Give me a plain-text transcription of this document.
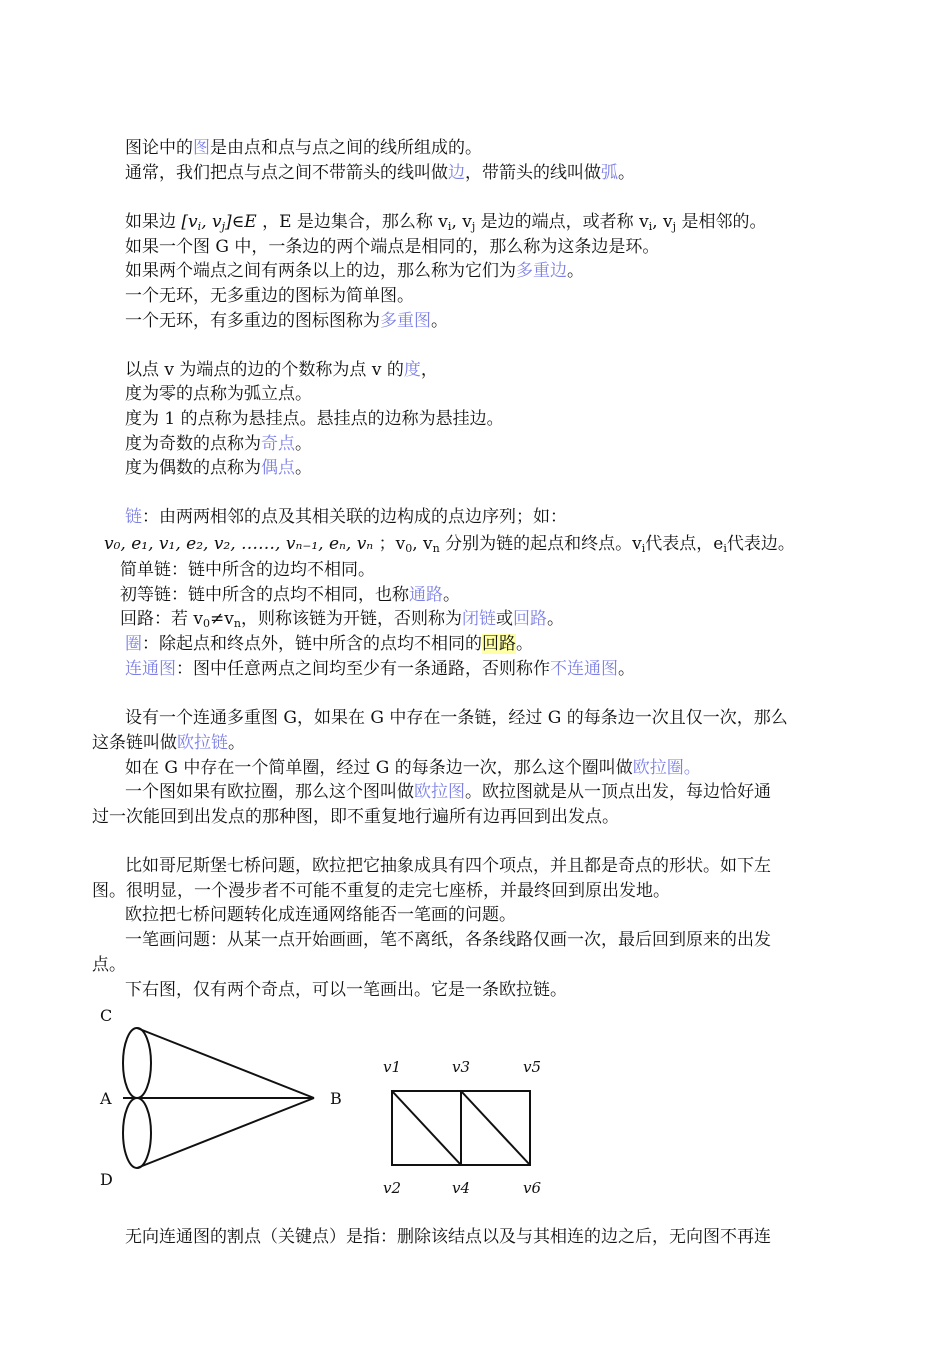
图论中的图是由点和点与点之间的线所组成的。
通常，我们把点与点之间不带箭头的线叫做边，带箭头的线叫做弧。
如果边 [$v_i$, $v_j]\in E$ ，E 是边集合，那么称 $v_i$, $v_j$ 是边的端点，或者称 $v_i$, $v_j$ 是相邻的。
如果一个图 G 中，一条边的两个端点是相同的，那么称为这条边是环。
如果两个端点之间有两条以上的边，那么称为它们为多重边。
一个无环，无多重边的图标为简单图。
一个无环，有多重边的图标图称为多重图。
以点 v 为端点的边的个数称为点 v 的度，
度为零的点称为弧立点。
度为 1 的点称为悬挂点。悬挂点的边称为悬挂边。
度为奇数的点称为奇点。
度为偶数的点称为偶点。
链：由两两相邻的点及其相关联的边构成的点边序列；如：
v₀, e₁, v₁, e₂, v₂, ……, vₙ₋₁, eₙ, vₙ ；$v_0$, $v_n$ 分别为链的起点和终点。$v_i$代表点，$e_i$代表边。
简单链：链中所含的边均不相同。
初等链：链中所含的点均不相同，也称通路。
回路：若 $v_0\ne v_n$，则称该链为开链，否则称为闭链或回路。
圈：除起点和终点外，链中所含的点均不相同的回路。
连通图：图中任意两点之间均至少有一条通路，否则称作不连通图。
设有一个连通多重图 G，如果在 G 中存在一条链，经过 G 的每条边一次且仅一次，那么
这条链叫做欧拉链。
如在 G 中存在一个简单圈，经过 G 的每条边一次，那么这个圈叫做欧拉圈。
一个图如果有欧拉圈，那么这个图叫做欧拉图。欧拉图就是从一顶点出发，每边恰好通
过一次能回到出发点的那种图，即不重复地行遍所有边再回到出发点。
比如哥尼斯堡七桥问题，欧拉把它抽象成具有四个项点，并且都是奇点的形状。如下左
图。很明显，一个漫步者不可能不重复的走完七座桥，并最终回到原出发地。
欧拉把七桥问题转化成连通网络能否一笔画的问题。
一笔画问题：从某一点开始画画，笔不离纸，各条线路仅画一次，最后回到原来的出发
点。
下右图，仅有两个奇点，可以一笔画出。它是一条欧拉链。
C
A	B
D
v1	v3	v5
v2	v4	v6
无向连通图的割点（关键点）是指：删除该结点以及与其相连的边之后，无向图不再连
